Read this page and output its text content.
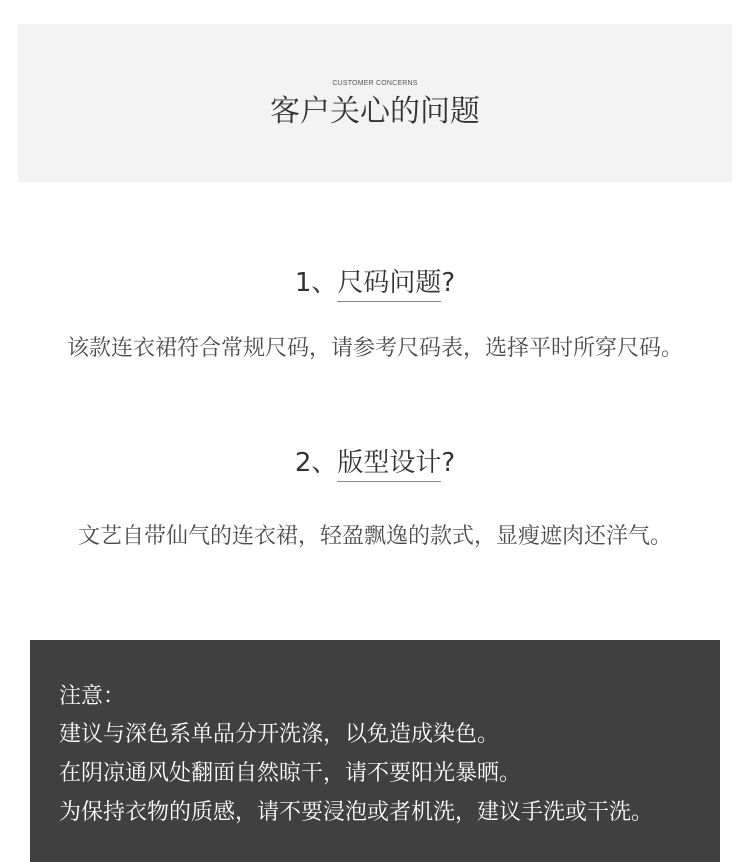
CUSTOMER CONCERNS
客户关心的问题
1、尺码问题?
该款连衣裙符合常规尺码，请参考尺码表，选择平时所穿尺码。
2、版型设计?
文艺自带仙气的连衣裙，轻盈飘逸的款式，显瘦遮肉还洋气。
注意：
建议与深色系单品分开洗涤，以免造成染色。
在阴凉通风处翻面自然晾干，请不要阳光暴晒。
为保持衣物的质感，请不要浸泡或者机洗，建议手洗或干洗。
